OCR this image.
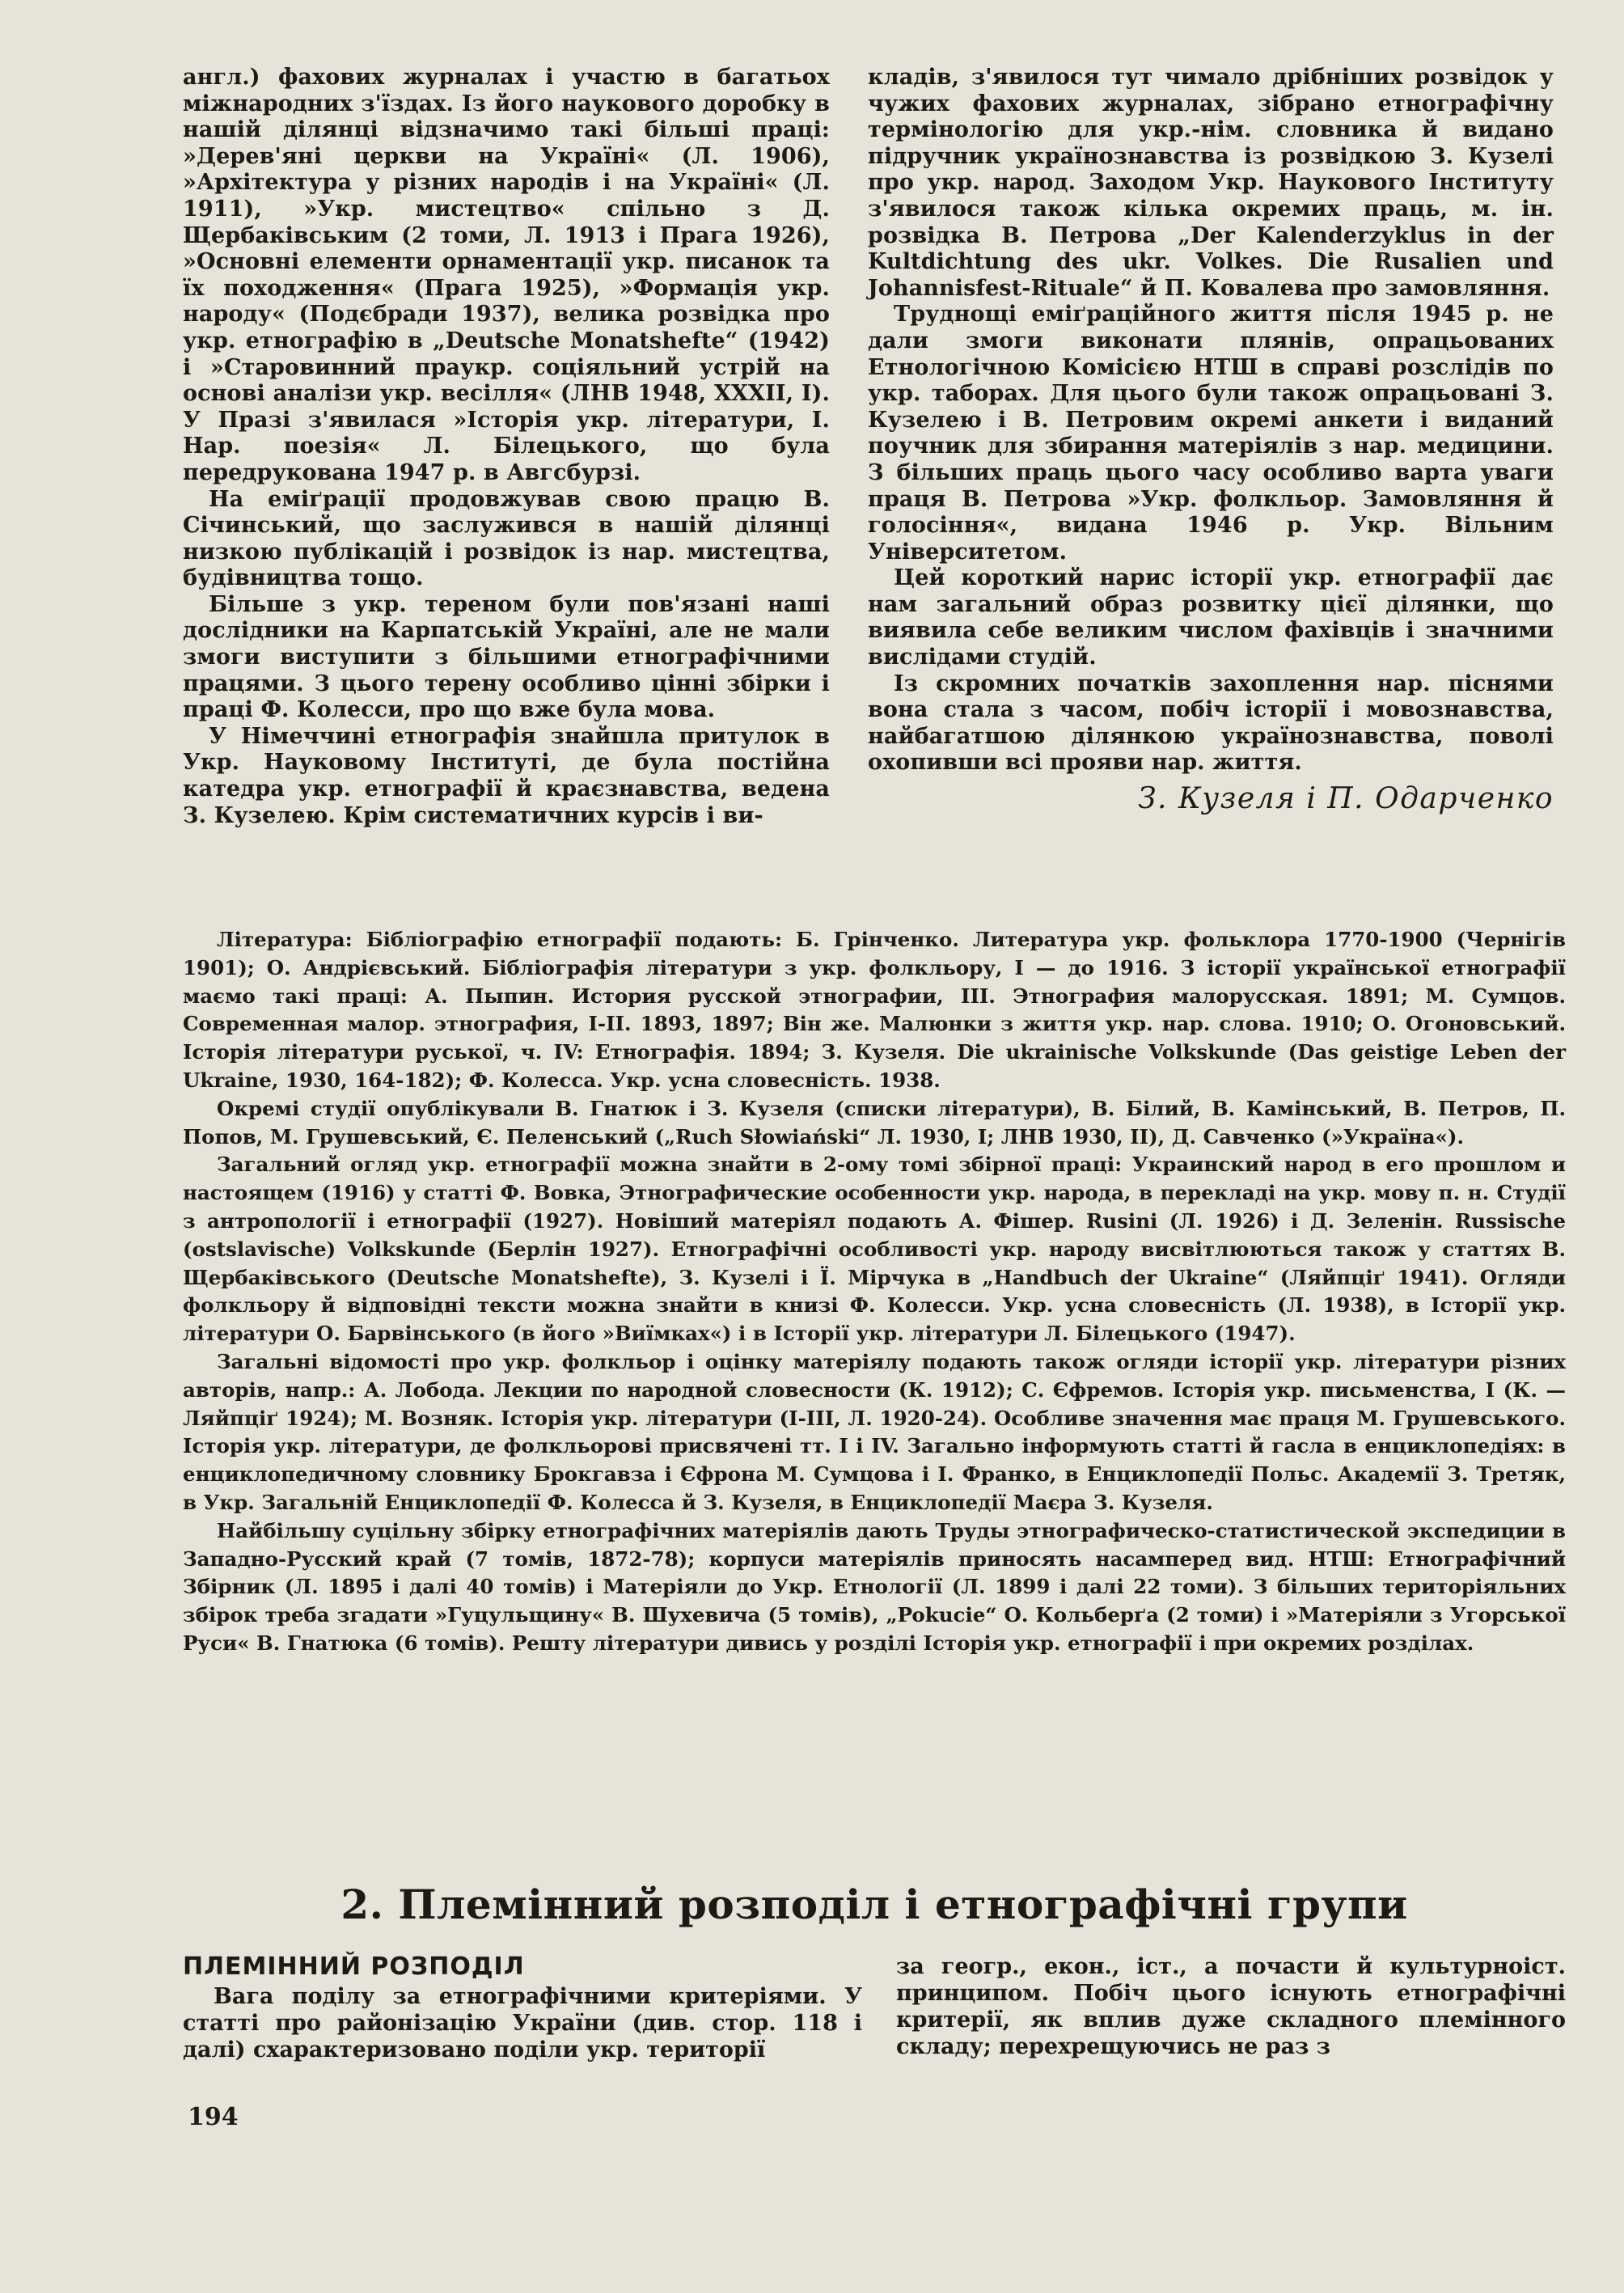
англ.) фахових журналах і участю в багатьох міжнародних з'їздах. Із його наукового доробку в нашій ділянці відзначимо такі більші праці: »Дерев'яні церкви на Україні« (Л. 1906), »Архітектура у різних народів і на Україні« (Л. 1911), »Укр. мистецтво« спільно з Д. Щербаківським (2 томи, Л. 1913 і Прага 1926), »Основні елементи орнаментації укр. писанок та їх походження« (Прага 1925), »Формація укр. народу« (Подєбради 1937), велика розвідка про укр. етнографію в „Deutsche Monatshefte“ (1942) і »Старовинний праукр. соціяльний устрій на основі аналізи укр. весілля« (ЛНВ 1948, XXXII, I). У Празі з'явилася »Історія укр. літератури, І. Нар. поезія« Л. Білецького, що була передрукована 1947 р. в Авгсбурзі.

На еміґрації продовжував свою працю В. Січинський, що заслужився в нашій ділянці низкою публікацій і розвідок із нар. мистецтва, будівництва тощо.

Більше з укр. тереном були пов'язані наші дослідники на Карпатській Україні, але не мали змоги виступити з більшими етнографічними працями. З цього терену особливо цінні збірки і праці Ф. Колесси, про що вже була мова.

У Німеччині етнографія знайшла притулок в Укр. Науковому Інституті, де була постійна катедра укр. етнографії й краєзнавства, ведена З. Кузелею. Крім систематичних курсів і ви-

кладів, з'явилося тут чимало дрібніших розвідок у чужих фахових журналах, зібрано етнографічну термінологію для укр.-нім. словника й видано підручник українознавства із розвідкою З. Кузелі про укр. народ. Заходом Укр. Наукового Інституту з'явилося також кілька окремих праць, м. ін. розвідка В. Петрова „Der Kalenderzyklus in der Kultdichtung des ukr. Volkes. Die Rusalien und Johannisfest-Rituale“ й П. Ковалева про замовляння.

Труднощі еміґраційного життя після 1945 р. не дали змоги виконати плянів, опрацьованих Етнологічною Комісією НТШ в справі розслідів по укр. таборах. Для цього були також опрацьовані З. Кузелею і В. Петровим окремі анкети і виданий поучник для збирання матеріялів з нар. медицини. З більших праць цього часу особливо варта уваги праця В. Петрова »Укр. фолкльор. Замовляння й голосіння«, видана 1946 р. Укр. Вільним Університетом.

Цей короткий нарис історії укр. етнографії дає нам загальний образ розвитку цієї ділянки, що виявила себе великим числом фахівців і значними вислідами студій.

Із скромних початків захоплення нар. піснями вона стала з часом, побіч історії і мовознавства, найбагатшою ділянкою українознавства, поволі охопивши всі прояви нар. життя.

З. Кузеля і П. Одарченко

Література: Бібліографію етнографії подають: Б. Грінченко. Литература укр. фольклора 1770-1900 (Чернігів 1901); О. Андрієвський. Бібліографія літератури з укр. фолкльору, І — до 1916. З історії української етнографії маємо такі праці: А. Пыпин. История русской этнографии, III. Этнография малорусская. 1891; М. Сумцов. Современная малор. этнография, I-II. 1893, 1897; Він же. Малюнки з життя укр. нар. слова. 1910; О. Огоновський. Історія літератури руської, ч. IV: Етнографія. 1894; З. Кузеля. Die ukrainische Volkskunde (Das geistige Leben der Ukraine, 1930, 164-182); Ф. Колесса. Укр. усна словесність. 1938.

Окремі студії опублікували В. Гнатюк і З. Кузеля (списки літератури), В. Білий, В. Камінський, В. Петров, П. Попов, М. Грушевський, Є. Пеленський („Ruch Słowiański“ Л. 1930, I; ЛНВ 1930, II), Д. Савченко (»Україна«).

Загальний огляд укр. етнографії можна знайти в 2-ому томі збірної праці: Украинский народ в его прошлом и настоящем (1916) у статті Ф. Вовка, Этнографические особенности укр. народа, в перекладі на укр. мову п. н. Студії з антропології і етнографії (1927). Новіший матеріял подають А. Фішер. Rusini (Л. 1926) і Д. Зеленін. Russische (ostslavische) Volkskunde (Берлін 1927). Етнографічні особливості укр. народу висвітлюються також у статтях В. Щербаківського (Deutsche Monatshefte), З. Кузелі і Ї. Мірчука в „Handbuch der Ukraine“ (Ляйпціґ 1941). Огляди фолкльору й відповідні тексти можна знайти в книзі Ф. Колесси. Укр. усна словесність (Л. 1938), в Історії укр. літератури О. Барвінського (в його »Виїмках«) і в Історії укр. літератури Л. Білецького (1947).

Загальні відомості про укр. фолкльор і оцінку матеріялу подають також огляди історії укр. літератури різних авторів, напр.: А. Лобода. Лекции по народной словесности (К. 1912); С. Єфремов. Історія укр. письменства, I (К. — Ляйпціґ 1924); М. Возняк. Історія укр. літератури (I-III, Л. 1920-24). Особливе значення має праця М. Грушевського. Історія укр. літератури, де фолкльорові присвячені тт. I і IV. Загально інформують статті й гасла в енциклопедіях: в енциклопедичному словнику Брокгавза і Єфрона М. Сумцова і І. Франко, в Енциклопедії Польс. Академії З. Третяк, в Укр. Загальній Енциклопедії Ф. Колесса й З. Кузеля, в Енциклопедії Маєра З. Кузеля.

Найбільшу суцільну збірку етнографічних матеріялів дають Труды этнографическо-статистической экспедиции в Западно-Русский край (7 томів, 1872-78); корпуси матеріялів приносять насамперед вид. НТШ: Етнографічний Збірник (Л. 1895 і далі 40 томів) і Матеріяли до Укр. Етнології (Л. 1899 і далі 22 томи). З більших територіяльних збірок треба згадати »Гуцульщину« В. Шухевича (5 томів), „Pokucie“ О. Кольберґа (2 томи) і »Матеріяли з Угорської Руси« В. Гнатюка (6 томів). Решту літератури дивись у розділі Історія укр. етнографії і при окремих розділах.

2. Племінний розподіл і етнографічні групи
ПЛЕМІННИЙ РОЗПОДІЛ

Вага поділу за етнографічними критеріями. У статті про районізацію України (див. стор. 118 і далі) схарактеризовано поділи укр. території

за геогр., екон., іст., а почасти й культурноіст. принципом. Побіч цього існують етнографічні критерії, як вплив дуже складного племінного складу; перехрещуючись не раз з

194
